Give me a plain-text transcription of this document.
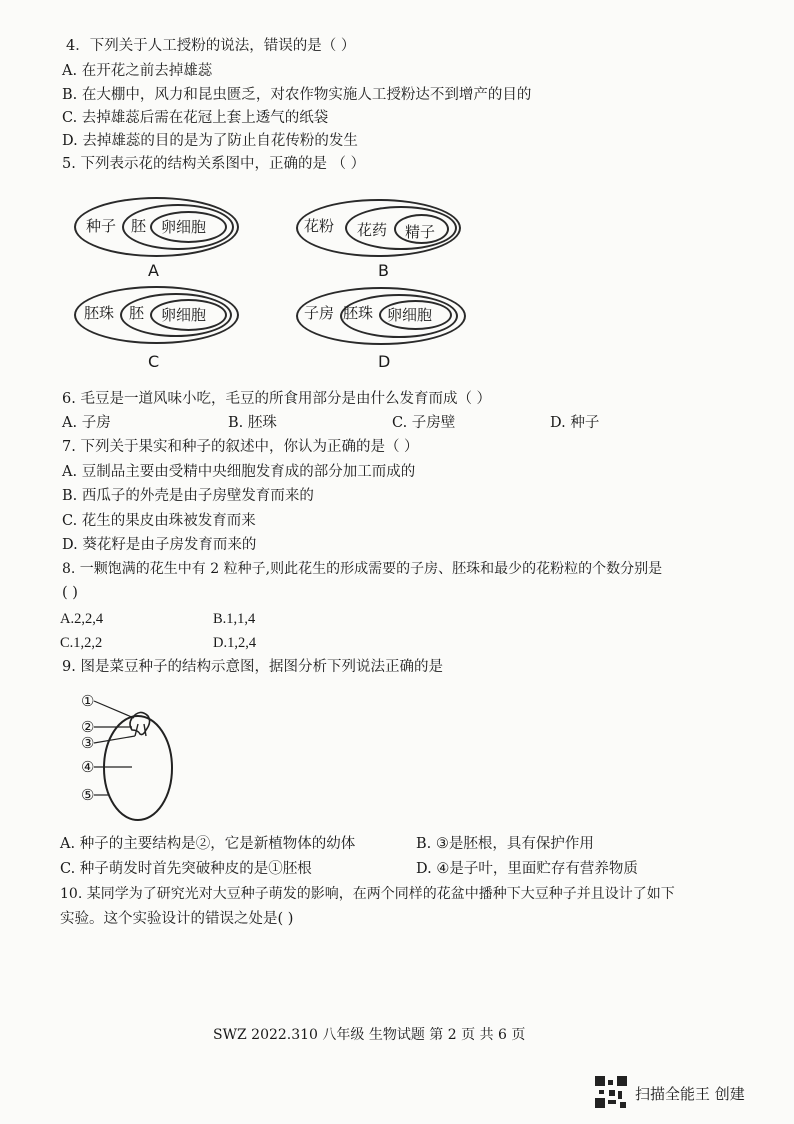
4．下列关于人工授粉的说法，错误的是（ ）
A. 在开花之前去掉雄蕊
B. 在大棚中，风力和昆虫匮乏，对农作物实施人工授粉达不到增产的目的
C. 去掉雄蕊后需在花冠上套上透气的纸袋
D. 去掉雄蕊的目的是为了防止自花传粉的发生
5. 下列表示花的结构关系图中，正确的是 （ ）
种子 胚 卵细胞
A
花粉 花药 精子
B
胚珠 胚 卵细胞
C
子房 胚珠 卵细胞
D
6. 毛豆是一道风味小吃，毛豆的所食用部分是由什么发育而成（ ）
A. 子房	B. 胚珠	C. 子房壁	D. 种子
7. 下列关于果实和种子的叙述中，你认为正确的是（ ）
A. 豆制品主要由受精中央细胞发育成的部分加工而成的
B. 西瓜子的外壳是由子房壁发育而来的
C. 花生的果皮由珠被发育而来
D. 葵花籽是由子房发育而来的
8. 一颗饱满的花生中有 2 粒种子,则此花生的形成需要的子房、胚珠和最少的花粉粒的个数分别是
( )
A.2,2,4	B.1,1,4
C.1,2,2	D.1,2,4
9. 图是菜豆种子的结构示意图，据图分析下列说法正确的是
①
②
③
④
⑤
A. 种子的主要结构是②，它是新植物体的幼体	B. ③是胚根，具有保护作用
C. 种子萌发时首先突破种皮的是①胚根	D. ④是子叶，里面贮存有营养物质
10. 某同学为了研究光对大豆种子萌发的影响，在两个同样的花盆中播种下大豆种子并且设计了如下
实验。这个实验设计的错误之处是( )
SWZ 2022.310 八年级 生物试题 第 2 页 共 6 页
扫描全能王 创建
